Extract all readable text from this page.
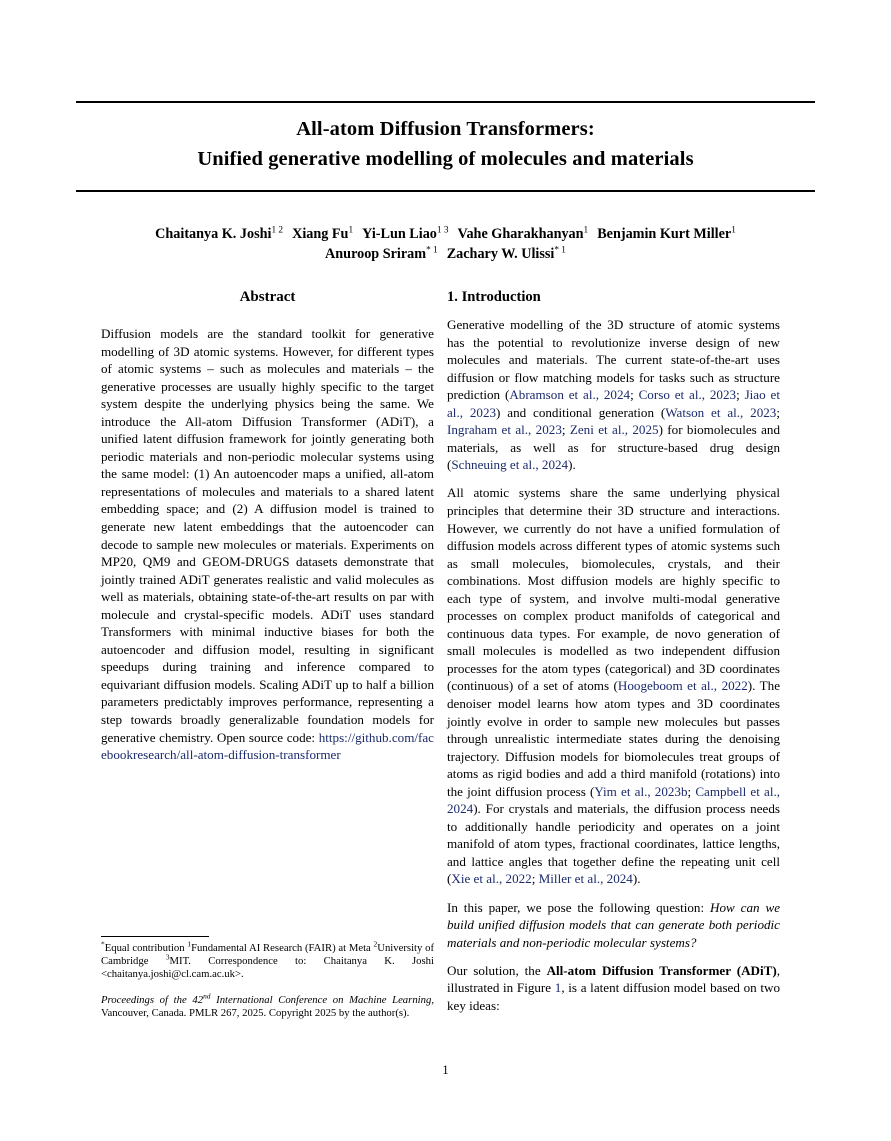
All-atom Diffusion Transformers:
Unified generative modelling of molecules and materials
Chaitanya K. Joshi$^{1 2}$ Xiang Fu$^1$ Yi-Lun Liao$^{1 3}$ Vahe Gharakhanyan$^1$ Benjamin Kurt Miller$^1$
Anuroop Sriram$^{* 1}$ Zachary W. Ulissi$^{* 1}$
Abstract

Diffusion models are the standard toolkit for generative modelling of 3D atomic systems. However, for different types of atomic systems – such as molecules and materials – the generative processes are usually highly specific to the target system despite the underlying physics being the same. We introduce the All-atom Diffusion Transformer (ADiT), a unified latent diffusion framework for jointly generating both periodic materials and non-periodic molecular systems using the same model: (1) An autoencoder maps a unified, all-atom representations of molecules and materials to a shared latent embedding space; and (2) A diffusion model is trained to generate new latent embeddings that the autoencoder can decode to sample new molecules or materials. Experiments on MP20, QM9 and GEOM-DRUGS datasets demonstrate that jointly trained ADiT generates realistic and valid molecules as well as materials, obtaining state-of-the-art results on par with molecule and crystal-specific models. ADiT uses standard Transformers with minimal inductive biases for both the autoencoder and diffusion model, resulting in significant speedups during training and inference compared to equivariant diffusion models. Scaling ADiT up to half a billion parameters predictably improves performance, representing a step towards broadly generalizable foundation models for generative chemistry. Open source code: https://github.com/facebookresearch/all-atom-diffusion-transformer

1. Introduction

Generative modelling of the 3D structure of atomic systems has the potential to revolutionize inverse design of new molecules and materials. The current state-of-the-art uses diffusion or flow matching models for tasks such as structure prediction (Abramson et al., 2024; Corso et al., 2023; Jiao et al., 2023) and conditional generation (Watson et al., 2023; Ingraham et al., 2023; Zeni et al., 2025) for biomolecules and materials, as well as for structure-based drug design (Schneuing et al., 2024).

All atomic systems share the same underlying physical principles that determine their 3D structure and interactions. However, we currently do not have a unified formulation of diffusion models across different types of atomic systems such as small molecules, biomolecules, crystals, and their combinations. Most diffusion models are highly specific to each type of system, and involve multi-modal generative processes on complex product manifolds of categorical and continuous data types. For example, de novo generation of small molecules is modelled as two independent diffusion processes for the atom types (categorical) and 3D coordinates (continuous) of a set of atoms (Hoogeboom et al., 2022). The denoiser model learns how atom types and 3D coordinates jointly evolve in order to sample new molecules but passes through unrealistic intermediate states during the denoising trajectory. Diffusion models for biomolecules treat groups of atoms as rigid bodies and add a third manifold (rotations) into the joint diffusion process (Yim et al., 2023b; Campbell et al., 2024). For crystals and materials, the diffusion process needs to additionally handle periodicity and operates on a joint manifold of atom types, fractional coordinates, lattice lengths, and lattice angles that together define the repeating unit cell (Xie et al., 2022; Miller et al., 2024).

In this paper, we pose the following question: How can we build unified diffusion models that can generate both periodic materials and non-periodic molecular systems?

Our solution, the All-atom Diffusion Transformer (ADiT), illustrated in Figure 1, is a latent diffusion model based on two key ideas:

*Equal contribution $^1$Fundamental AI Research (FAIR) at Meta $^2$University of Cambridge $^3$MIT. Correspondence to: Chaitanya K. Joshi <chaitanya.joshi@cl.cam.ac.uk>.

Proceedings of the 42nd International Conference on Machine Learning, Vancouver, Canada. PMLR 267, 2025. Copyright 2025 by the author(s).

1
